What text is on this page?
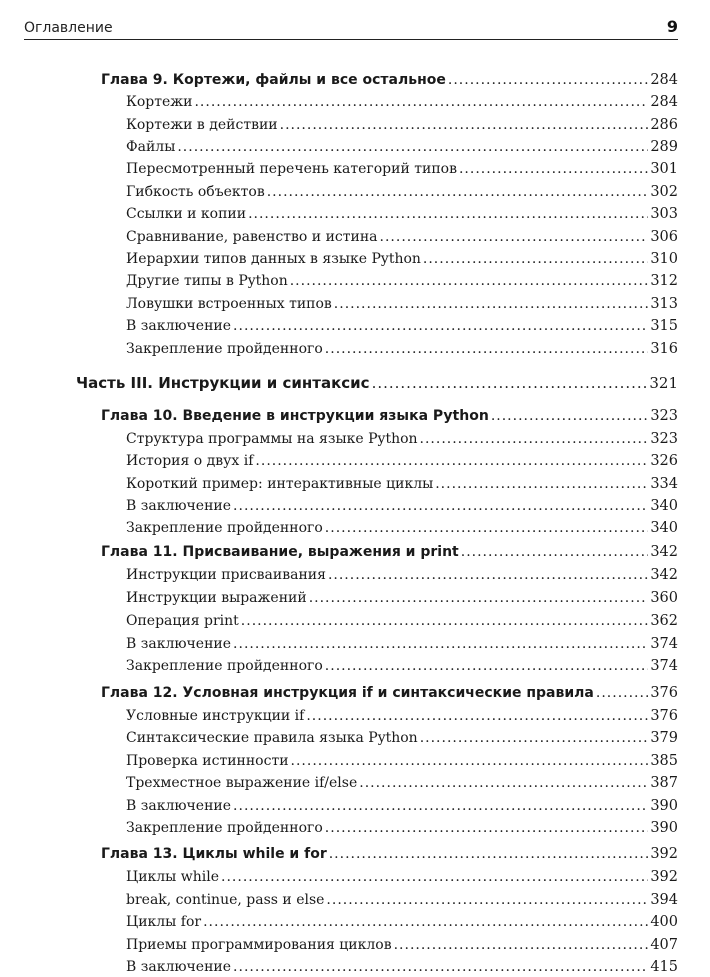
Оглавление	9
Глава 9. Кортежи, файлы и все остальное .....	284
Кортежи .....	284
Кортежи в действии .....	286
Файлы .....	289
Пересмотренный перечень категорий типов .....	301
Гибкость объектов .....	302
Ссылки и копии .....	303
Сравнивание, равенство и истина .....	306
Иерархии типов данных в языке Python .....	310
Другие типы в Python .....	312
Ловушки встроенных типов .....	313
В заключение .....	315
Закрепление пройденного .....	316
Часть III. Инструкции и синтаксис .....	321
Глава 10. Введение в инструкции языка Python .....	323
Структура программы на языке Python .....	323
История о двух if .....	326
Короткий пример: интерактивные циклы .....	334
В заключение .....	340
Закрепление пройденного .....	340
Глава 11. Присваивание, выражения и print .....	342
Инструкции присваивания .....	342
Инструкции выражений .....	360
Операция print .....	362
В заключение .....	374
Закрепление пройденного .....	374
Глава 12. Условная инструкция if и синтаксические правила .....	376
Условные инструкции if .....	376
Синтаксические правила языка Python .....	379
Проверка истинности .....	385
Трехместное выражение if/else .....	387
В заключение .....	390
Закрепление пройденного .....	390
Глава 13. Циклы while и for .....	392
Циклы while .....	392
break, continue, pass и else .....	394
Циклы for .....	400
Приемы программирования циклов .....	407
В заключение .....	415
